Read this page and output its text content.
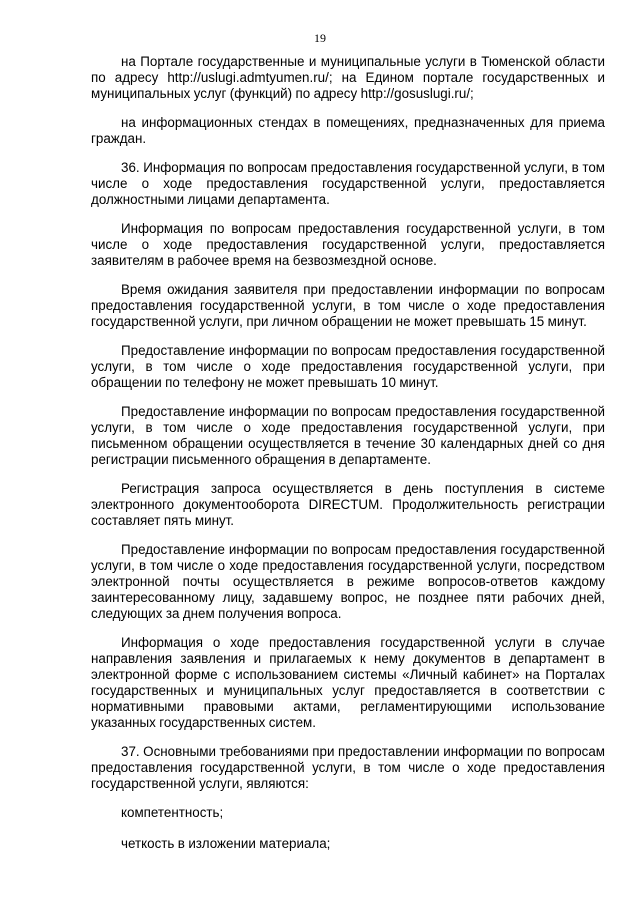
19

на Портале государственные и муниципальные услуги в Тюменской области по адресу http://uslugi.admtyumen.ru/; на Едином портале государственных и муниципальных услуг (функций) по адресу http://gosuslugi.ru/;

на информационных стендах в помещениях, предназначенных для приема граждан.

36. Информация по вопросам предоставления государственной услуги, в том числе о ходе предоставления государственной услуги, предоставляется должностными лицами департамента.

Информация по вопросам предоставления государственной услуги, в том числе о ходе предоставления государственной услуги, предоставляется заявителям в рабочее время на безвозмездной основе.

Время ожидания заявителя при предоставлении информации по вопросам предоставления государственной услуги, в том числе о ходе предоставления государственной услуги, при личном обращении не может превышать 15 минут.

Предоставление информации по вопросам предоставления государственной услуги, в том числе о ходе предоставления государственной услуги, при обращении по телефону не может превышать 10 минут.

Предоставление информации по вопросам предоставления государственной услуги, в том числе о ходе предоставления государственной услуги, при письменном обращении осуществляется в течение 30 календарных дней со дня регистрации письменного обращения в департаменте.

Регистрация запроса осуществляется в день поступления в системе электронного документооборота DIRECTUM. Продолжительность регистрации составляет пять минут.

Предоставление информации по вопросам предоставления государственной услуги, в том числе о ходе предоставления государственной услуги, посредством электронной почты осуществляется в режиме вопросов-ответов каждому заинтересованному лицу, задавшему вопрос, не позднее пяти рабочих дней, следующих за днем получения вопроса.

Информация о ходе предоставления государственной услуги в случае направления заявления и прилагаемых к нему документов в департамент в электронной форме с использованием системы «Личный кабинет» на Порталах государственных и муниципальных услуг предоставляется в соответствии с нормативными правовыми актами, регламентирующими использование указанных государственных систем.

37. Основными требованиями при предоставлении информации по вопросам предоставления государственной услуги, в том числе о ходе предоставления государственной услуги, являются:

компетентность;

четкость в изложении материала;
